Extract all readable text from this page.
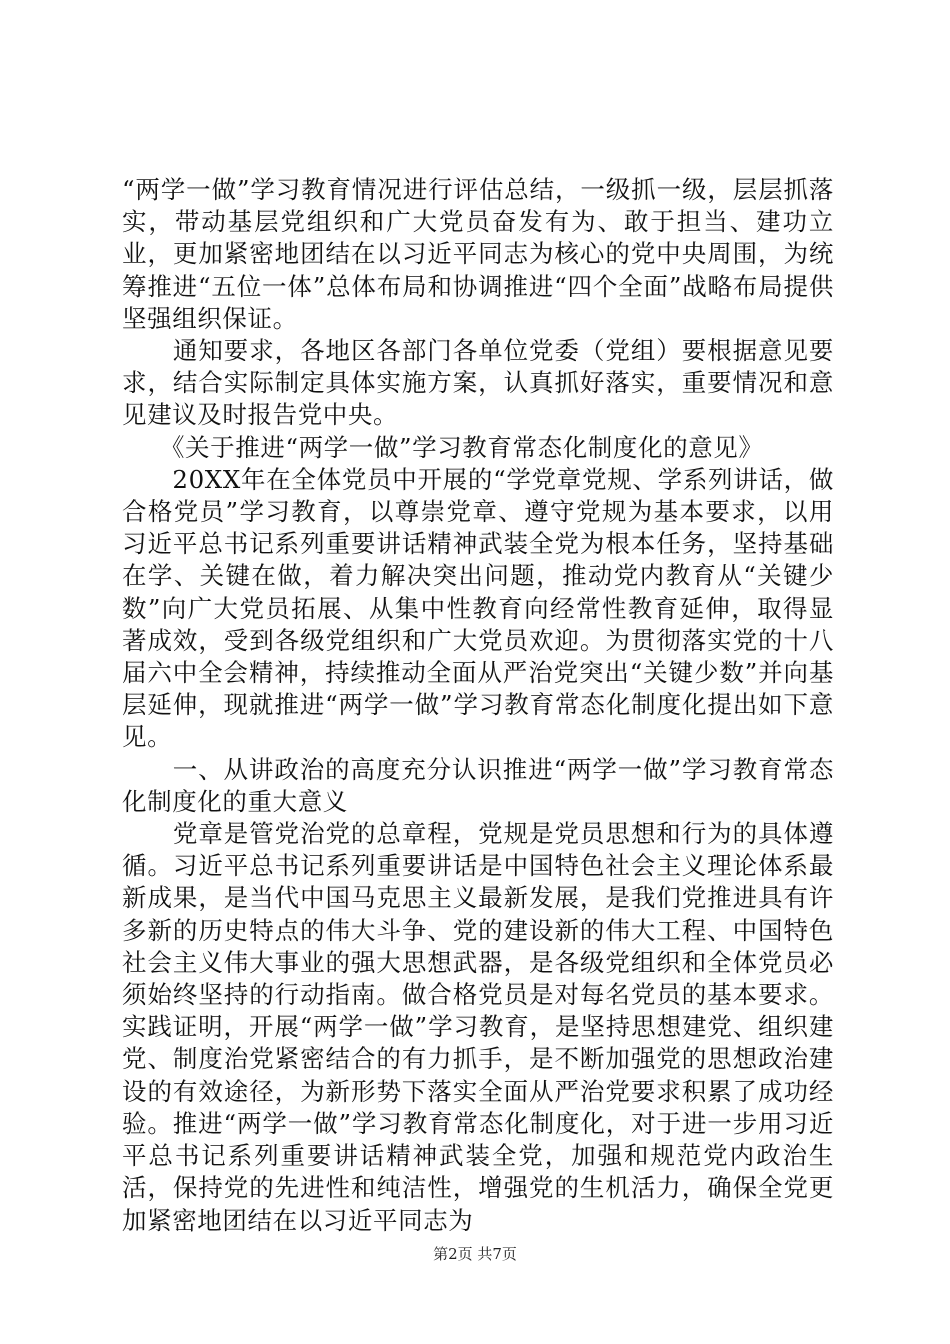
“两学一做”学习教育情况进行评估总结，一级抓一级，层层抓落实，带动基层党组织和广大党员奋发有为、敢于担当、建功立业，更加紧密地团结在以习近平同志为核心的党中央周围，为统筹推进“五位一体”总体布局和协调推进“四个全面”战略布局提供坚强组织保证。

　　通知要求，各地区各部门各单位党委（党组）要根据意见要求，结合实际制定具体实施方案，认真抓好落实，重要情况和意见建议及时报告党中央。

　　《关于推进“两学一做”学习教育常态化制度化的意见》

　　20XX年在全体党员中开展的“学党章党规、学系列讲话，做合格党员”学习教育，以尊崇党章、遵守党规为基本要求，以用习近平总书记系列重要讲话精神武装全党为根本任务，坚持基础在学、关键在做，着力解决突出问题，推动党内教育从“关键少数”向广大党员拓展、从集中性教育向经常性教育延伸，取得显著成效，受到各级党组织和广大党员欢迎。为贯彻落实党的十八届六中全会精神，持续推动全面从严治党突出“关键少数”并向基层延伸，现就推进“两学一做”学习教育常态化制度化提出如下意见。

　　一、从讲政治的高度充分认识推进“两学一做”学习教育常态化制度化的重大意义

　　党章是管党治党的总章程，党规是党员思想和行为的具体遵循。习近平总书记系列重要讲话是中国特色社会主义理论体系最新成果，是当代中国马克思主义最新发展，是我们党推进具有许多新的历史特点的伟大斗争、党的建设新的伟大工程、中国特色社会主义伟大事业的强大思想武器，是各级党组织和全体党员必须始终坚持的行动指南。做合格党员是对每名党员的基本要求。实践证明，开展“两学一做”学习教育，是坚持思想建党、组织建党、制度治党紧密结合的有力抓手，是不断加强党的思想政治建设的有效途径，为新形势下落实全面从严治党要求积累了成功经验。推进“两学一做”学习教育常态化制度化，对于进一步用习近平总书记系列重要讲话精神武装全党，加强和规范党内政治生活，保持党的先进性和纯洁性，增强党的生机活力，确保全党更加紧密地团结在以习近平同志为

第2页 共7页
